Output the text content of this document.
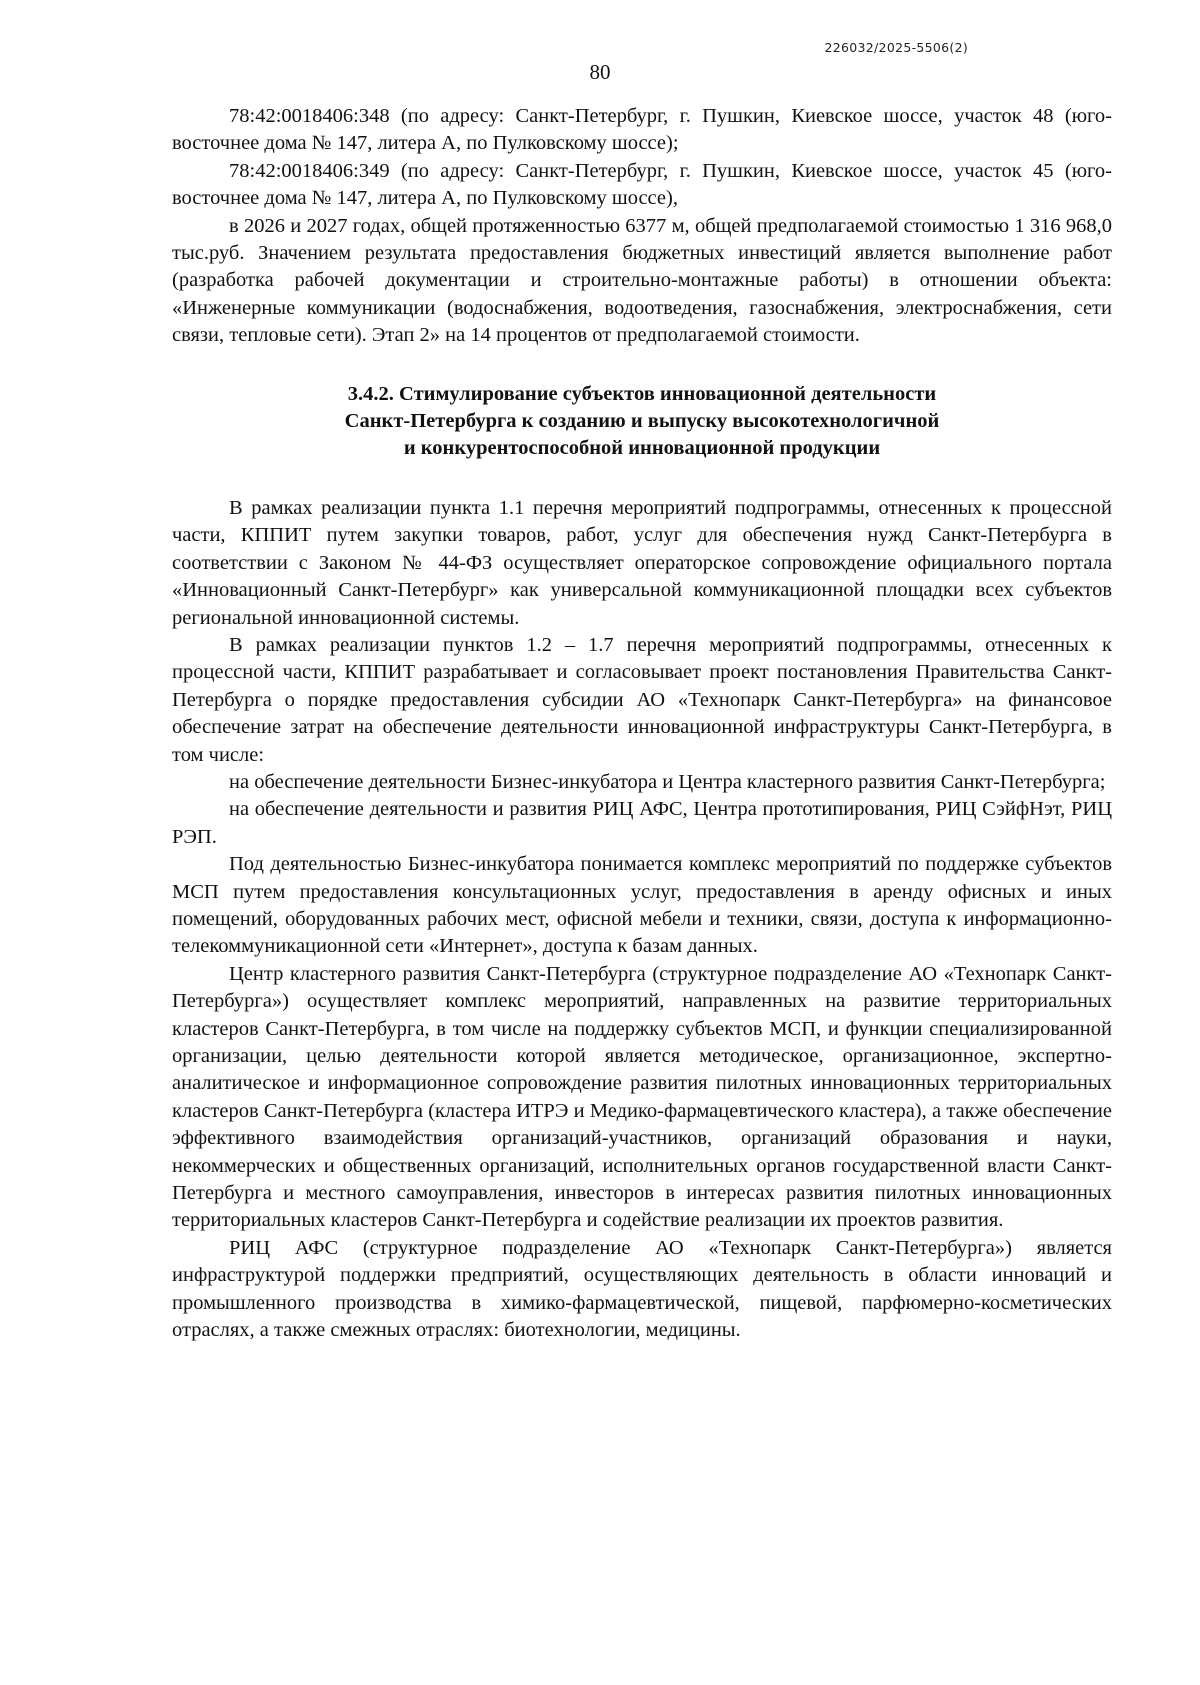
226032/2025-5506(2)
80

78:42:0018406:348 (по адресу: Санкт-Петербург, г. Пушкин, Киевское шоссе, участок 48 (юго-восточнее дома № 147, литера А, по Пулковскому шоссе);

78:42:0018406:349 (по адресу: Санкт-Петербург, г. Пушкин, Киевское шоссе, участок 45 (юго-восточнее дома № 147, литера А, по Пулковскому шоссе),

в 2026 и 2027 годах, общей протяженностью 6377 м, общей предполагаемой стоимостью 1 316 968,0 тыс.руб. Значением результата предоставления бюджетных инвестиций является выполнение работ (разработка рабочей документации и строительно-монтажные работы) в отношении объекта: «Инженерные коммуникации (водоснабжения, водоотведения, газоснабжения, электроснабжения, сети связи, тепловые сети). Этап 2» на 14 процентов от предполагаемой стоимости.

3.4.2. Стимулирование субъектов инновационной деятельности
Санкт-Петербурга к созданию и выпуску высокотехнологичной
и конкурентоспособной инновационной продукции

В рамках реализации пункта 1.1 перечня мероприятий подпрограммы, отнесенных к процессной части, КППИТ путем закупки товаров, работ, услуг для обеспечения нужд Санкт-Петербурга в соответствии с Законом № 44-ФЗ осуществляет операторское сопровождение официального портала «Инновационный Санкт-Петербург» как универсальной коммуникационной площадки всех субъектов региональной инновационной системы.

В рамках реализации пунктов 1.2 – 1.7 перечня мероприятий подпрограммы, отнесенных к процессной части, КППИТ разрабатывает и согласовывает проект постановления Правительства Санкт-Петербурга о порядке предоставления субсидии АО «Технопарк Санкт-Петербурга» на финансовое обеспечение затрат на обеспечение деятельности инновационной инфраструктуры Санкт-Петербурга, в том числе:

на обеспечение деятельности Бизнес-инкубатора и Центра кластерного развития Санкт-Петербурга;

на обеспечение деятельности и развития РИЦ АФС, Центра прототипирования, РИЦ СэйфНэт, РИЦ РЭП.

Под деятельностью Бизнес-инкубатора понимается комплекс мероприятий по поддержке субъектов МСП путем предоставления консультационных услуг, предоставления в аренду офисных и иных помещений, оборудованных рабочих мест, офисной мебели и техники, связи, доступа к информационно-телекоммуникационной сети «Интернет», доступа к базам данных.

Центр кластерного развития Санкт-Петербурга (структурное подразделение АО «Технопарк Санкт-Петербурга») осуществляет комплекс мероприятий, направленных на развитие территориальных кластеров Санкт-Петербурга, в том числе на поддержку субъектов МСП, и функции специализированной организации, целью деятельности которой является методическое, организационное, экспертно-аналитическое и информационное сопровождение развития пилотных инновационных территориальных кластеров Санкт-Петербурга (кластера ИТРЭ и Медико-фармацевтического кластера), а также обеспечение эффективного взаимодействия организаций-участников, организаций образования и науки, некоммерческих и общественных организаций, исполнительных органов государственной власти Санкт-Петербурга и местного самоуправления, инвесторов в интересах развития пилотных инновационных территориальных кластеров Санкт-Петербурга и содействие реализации их проектов развития.

РИЦ АФС (структурное подразделение АО «Технопарк Санкт-Петербурга») является инфраструктурой поддержки предприятий, осуществляющих деятельность в области инноваций и промышленного производства в химико-фармацевтической, пищевой, парфюмерно-косметических отраслях, а также смежных отраслях: биотехнологии, медицины.
